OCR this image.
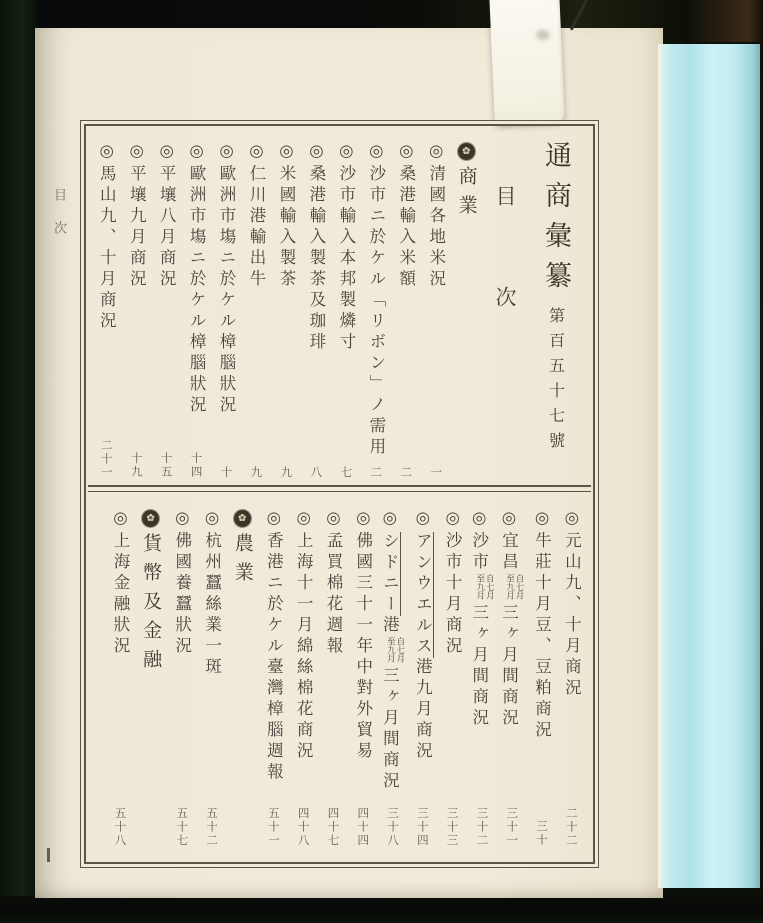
目次	通商彙纂
第百五十七號
目次
✿
商業
◎清國各地米況
一
◎桑港輸入米額
二
◎沙市ニ於ケル「リボン」ノ需用
二
◎沙市輸入本邦製燐寸
七
◎桑港輸入製茶及珈琲
八
◎米國輸入製茶
九
◎仁川港輸出牛
九
◎歐洲市塲ニ於ケル樟腦狀況
十
◎歐洲市塲ニ於ケル樟腦狀況
十四
◎平壤八月商況
十五
◎平壤九月商況
十九
◎馬山九、十月商況
二十一
◎元山九、十月商況
二十二
◎牛莊十月豆、豆粕商況
三十
◎宜昌自七月至九月三ヶ月間商況
三十一
◎沙市自七月至九月三ヶ月間商況
三十二
◎沙市十月商況
三十三
◎アンウエルス港九月商況
三十四
◎シドニー港自七月至九月三ヶ月間商況
三十八
◎佛國三十一年中對外貿易
四十四
◎孟買棉花週報
四十七
◎上海十一月綿絲棉花商況
四十八
◎香港ニ於ケル臺灣樟腦週報
五十一
✿
農業
◎杭州蠶絲業一斑
五十二
◎佛國養蠶狀況
五十七
✿
貨幣及金融
◎上海金融狀況
五十八
